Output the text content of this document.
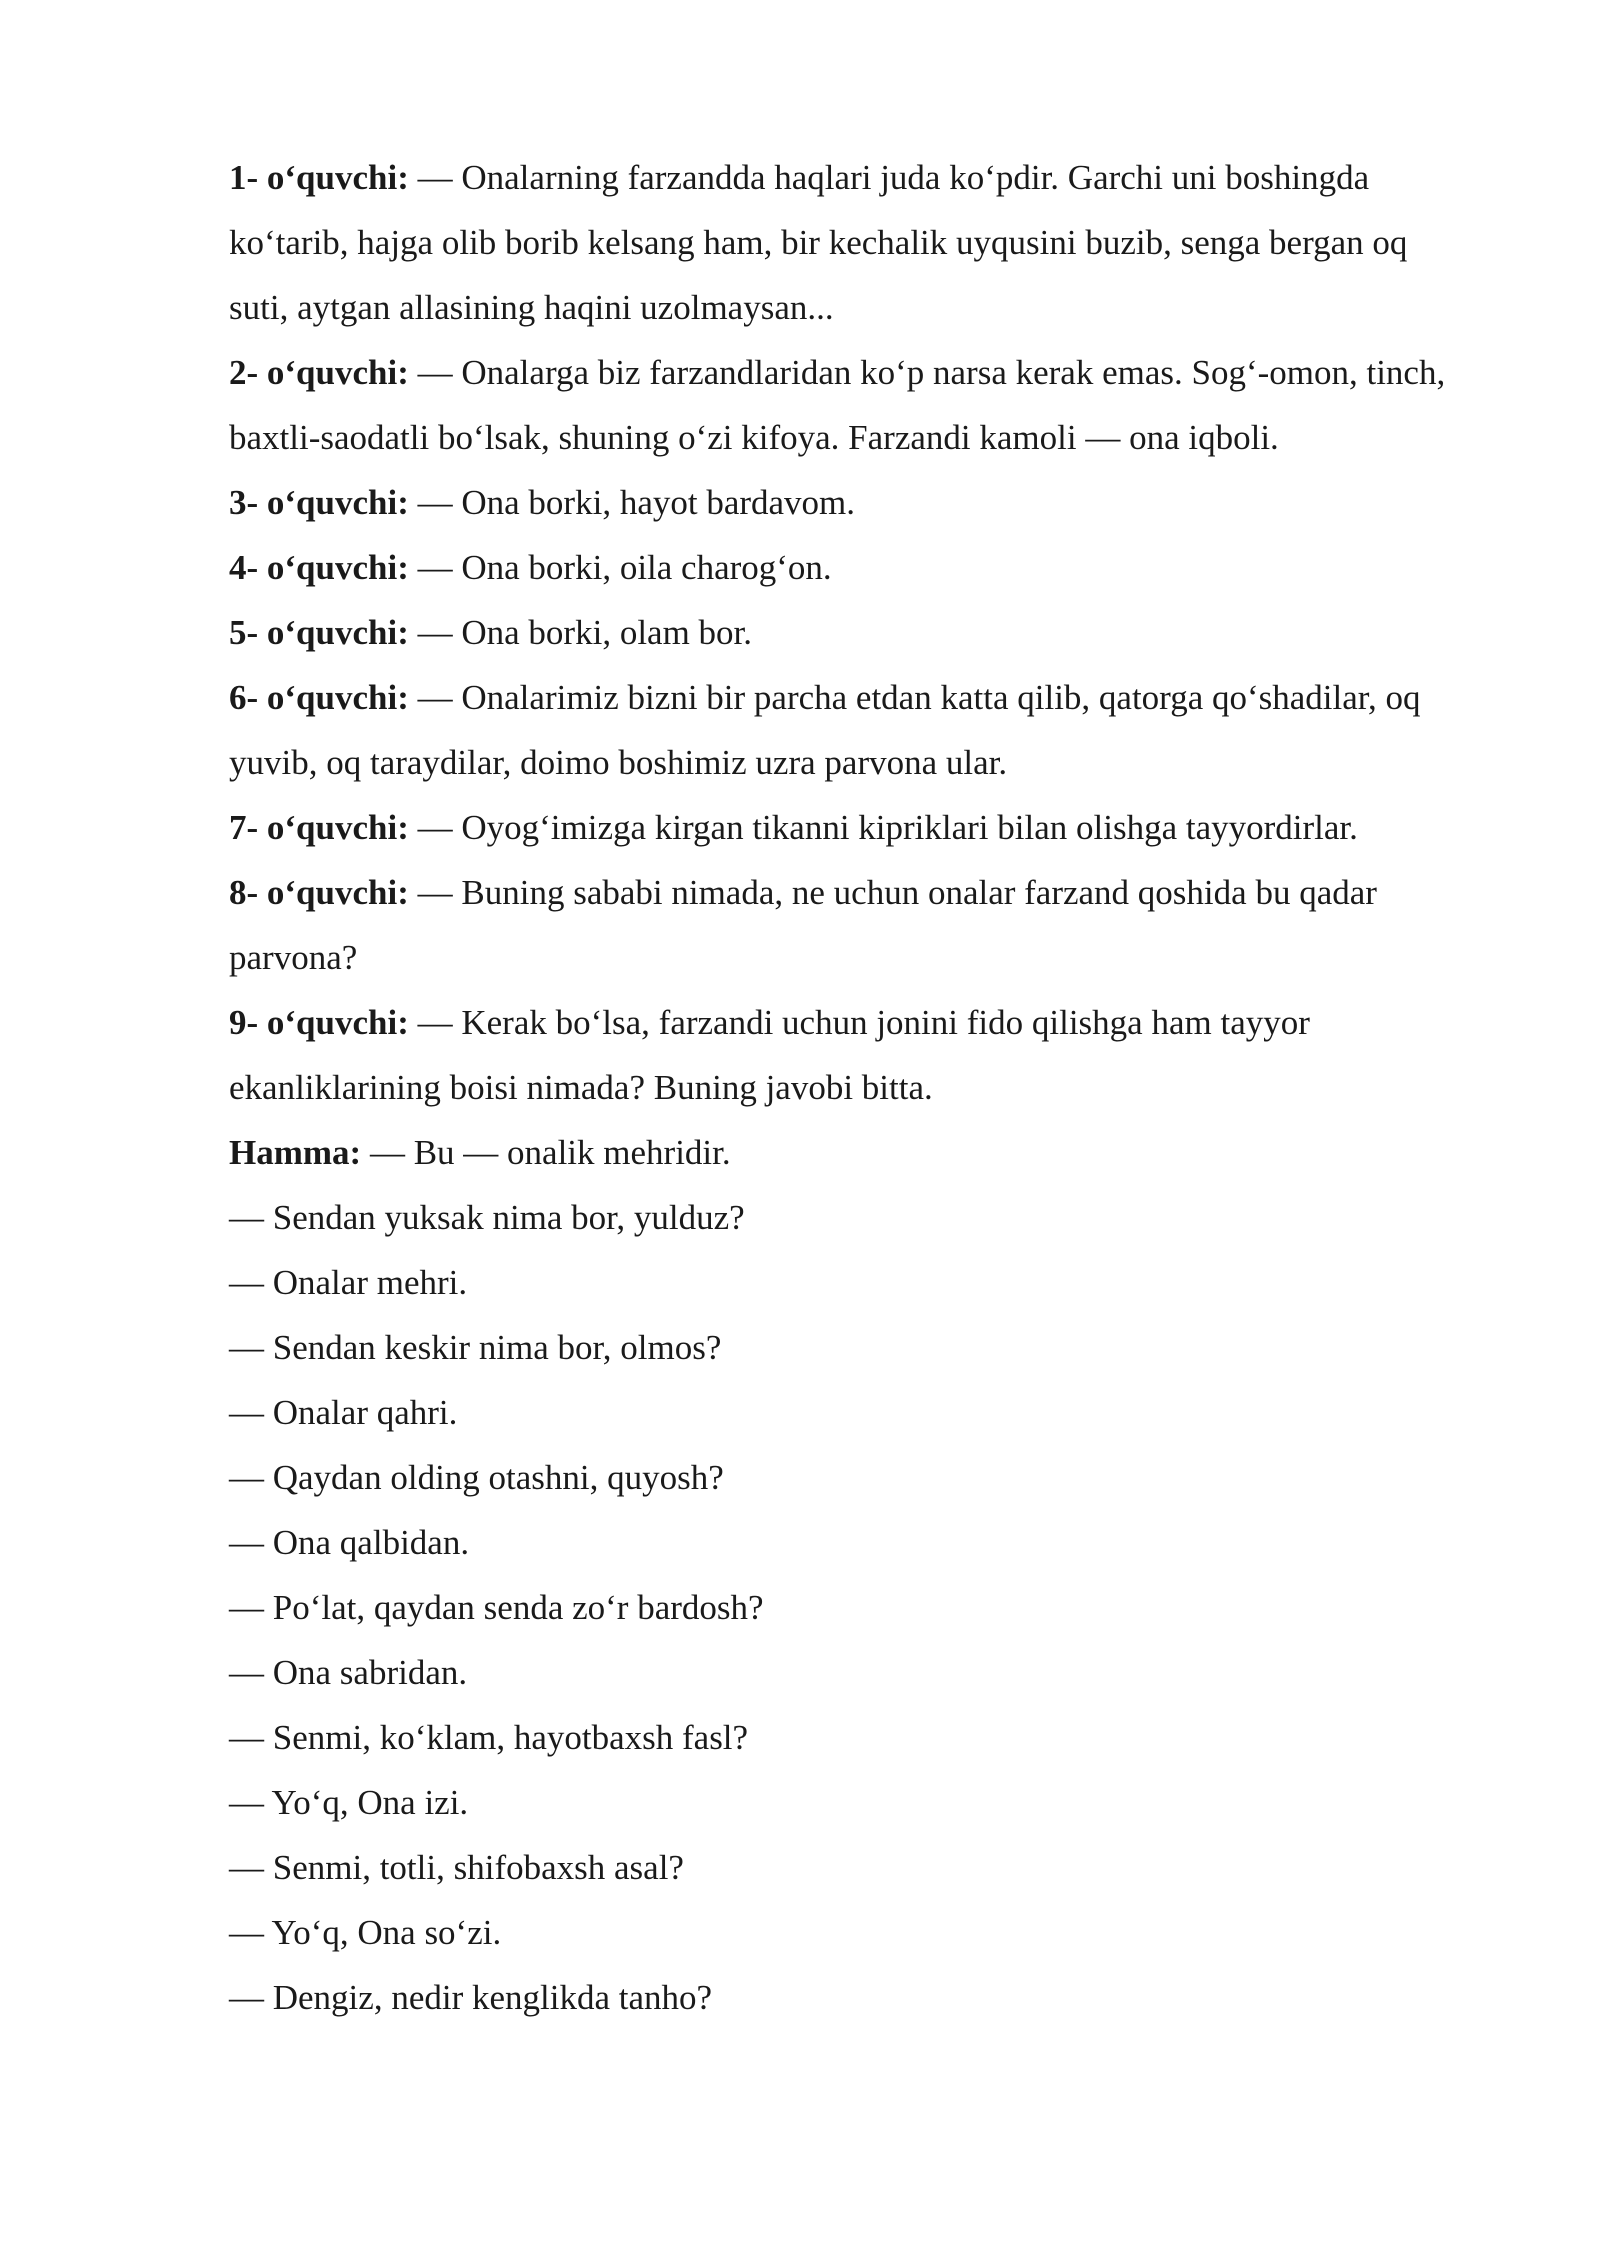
1- o‘quvchi: — Onalarning farzandda haqlari juda ko‘pdir. Garchi uni boshingda ko‘tarib, hajga olib borib kelsang ham, bir kechalik uyqusini buzib, senga bergan oq suti, aytgan allasining haqini uzolmaysan...

2- o‘quvchi: — Onalarga biz farzandlaridan ko‘p narsa kerak emas. Sog‘-omon, tinch, baxtli-saodatli bo‘lsak, shuning o‘zi kifoya. Farzandi kamoli — ona iqboli.

3- o‘quvchi: — Ona borki, hayot bardavom.

4- o‘quvchi: — Ona borki, oila charog‘on.

5- o‘quvchi: — Ona borki, olam bor.

6- o‘quvchi: — Onalarimiz bizni bir parcha etdan katta qilib, qatorga qo‘shadilar, oq yuvib, oq taraydilar, doimo boshimiz uzra parvona ular.

7- o‘quvchi: — Oyog‘imizga kirgan tikanni kipriklari bilan olishga tayyordirlar.

8- o‘quvchi: — Buning sababi nimada, ne uchun onalar farzand qoshida bu qadar parvona?

9- o‘quvchi: — Kerak bo‘lsa, farzandi uchun jonini fido qilishga ham tayyor ekanliklarining boisi nimada? Buning javobi bitta.

Hamma: — Bu — onalik mehridir.

— Sendan yuksak nima bor, yulduz?

— Onalar mehri.

— Sendan keskir nima bor, olmos?

— Onalar qahri.

— Qaydan olding otashni, quyosh?

— Ona qalbidan.

— Po‘lat, qaydan senda zo‘r bardosh?

— Ona sabridan.

— Senmi, ko‘klam, hayotbaxsh fasl?

— Yo‘q, Ona izi.

— Senmi, totli, shifobaxsh asal?

— Yo‘q, Ona so‘zi.

— Dengiz, nedir kenglikda tanho?
